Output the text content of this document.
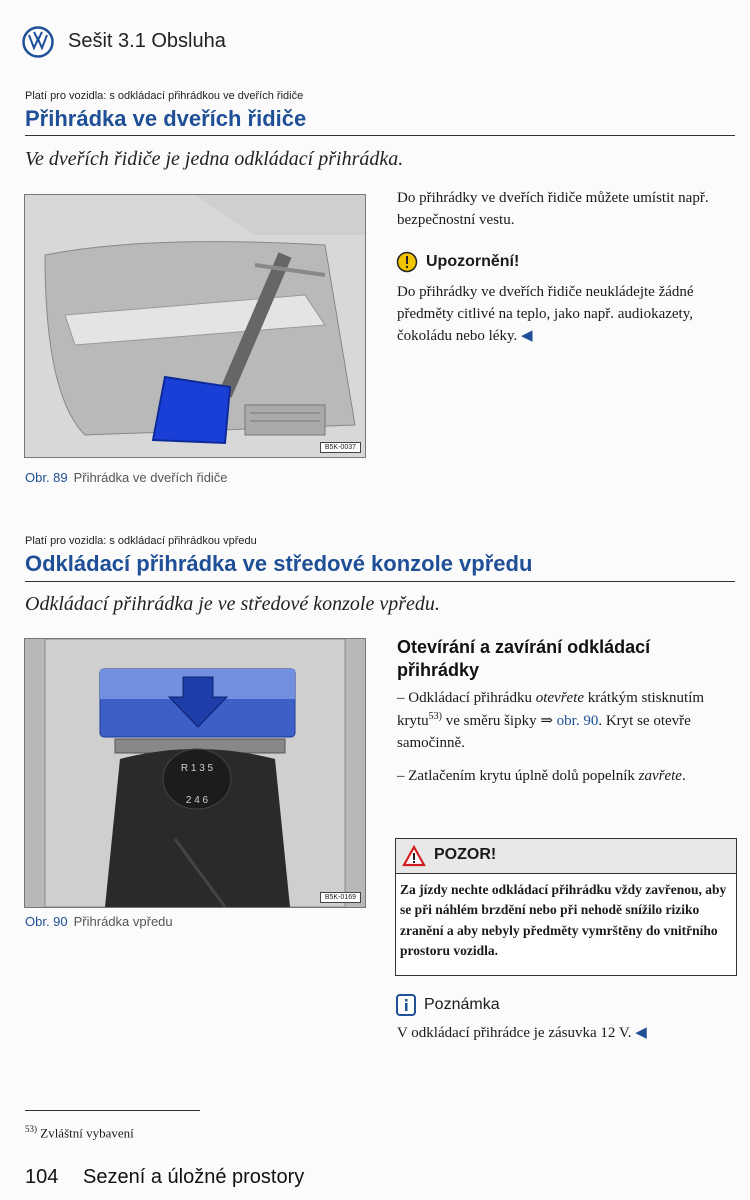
Sešit 3.1 Obsluha
Platí pro vozidla: s odkládací přihrádkou ve dveřích řidiče
Přihrádka ve dveřích řidiče
Ve dveřích řidiče je jedna odkládací přihrádka.
B5K-0037
Obr. 89 Přihrádka ve dveřích řidiče
Do přihrádky ve dveřích řidiče můžete umístit např. bezpečnostní vestu.
Upozornění!
Do přihrádky ve dveřích řidiče neukládejte žádné předměty citlivé na teplo, jako např. audiokazety, čokoládu nebo léky. ◀
Platí pro vozidla: s odkládací přihrádkou vpředu
Odkládací přihrádka ve středové konzole vpředu
Odkládací přihrádka je ve středové konzole vpředu.
R 1 3 5
2 4 6
B5K-0169
Obr. 90 Přihrádka vpředu
Otevírání a zavírání odkládací přihrádky
– Odkládací přihrádku otevřete krátkým stisknutím krytu$^{53)}$ ve směru šipky ⇒ obr. 90. Kryt se otevře samočinně.
– Zatlačením krytu úplně dolů popelník zavřete.
POZOR!
Za jízdy nechte odkládací přihrádku vždy zavřenou, aby se při náhlém brzdění nebo při nehodě snížilo riziko zranění a aby nebyly předměty vymrštěny do vnitřního prostoru vozidla.
Poznámka
V odkládací přihrádce je zásuvka 12 V. ◀
$^{53)}$ Zvláštní vybavení
104 Sezení a úložné prostory
